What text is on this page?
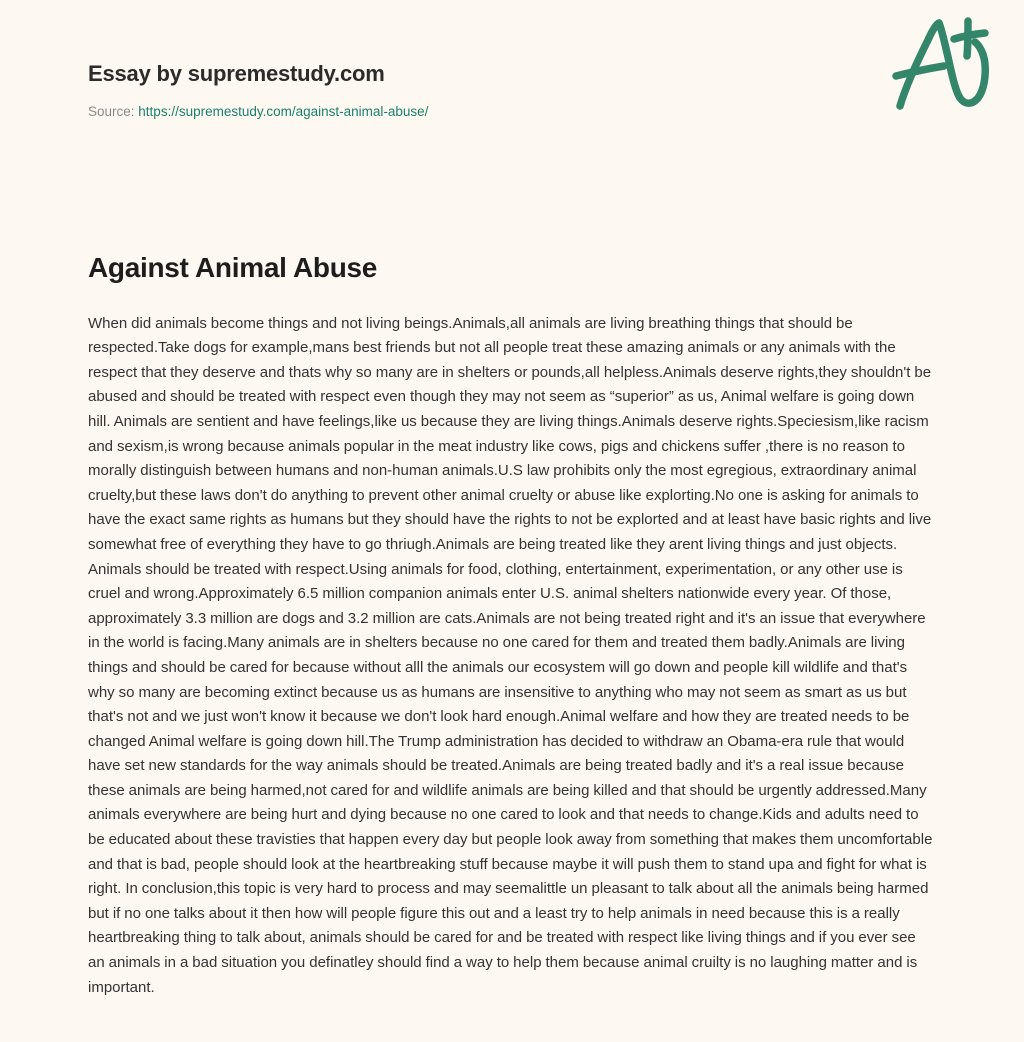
Essay by supremestudy.com
Source: https://supremestudy.com/against-animal-abuse/
Against Animal Abuse
When did animals become things and not living beings.Animals,all animals are living breathing things that should be respected.Take dogs for example,mans best friends but not all people treat these amazing animals or any animals with the respect that they deserve and thats why so many are in shelters or pounds,all helpless.Animals deserve rights,they shouldn't be abused and should be treated with respect even though they may not seem as “superior” as us, Animal welfare is going down hill. Animals are sentient and have feelings,like us because they are living things.Animals deserve rights.Speciesism,like racism and sexism,is wrong because animals popular in the meat industry like cows, pigs and chickens suffer ,there is no reason to morally distinguish between humans and non-human animals.U.S law prohibits only the most egregious, extraordinary animal cruelty,but these laws don't do anything to prevent other animal cruelty or abuse like explorting.No one is asking for animals to have the exact same rights as humans but they should have the rights to not be explorted and at least have basic rights and live somewhat free of everything they have to go thriugh.Animals are being treated like they arent living things and just objects. Animals should be treated with respect.Using animals for food, clothing, entertainment, experimentation, or any other use is cruel and wrong.Approximately 6.5 million companion animals enter U.S. animal shelters nationwide every year. Of those, approximately 3.3 million are dogs and 3.2 million are cats.Animals are not being treated right and it's an issue that everywhere in the world is facing.Many animals are in shelters because no one cared for them and treated them badly.Animals are living things and should be cared for because without alll the animals our ecosystem will go down and people kill wildlife and that's why so many are becoming extinct because us as humans are insensitive to anything who may not seem as smart as us but that's not and we just won't know it because we don't look hard enough.Animal welfare and how they are treated needs to be changed Animal welfare is going down hill.The Trump administration has decided to withdraw an Obama-era rule that would have set new standards for the way animals should be treated.Animals are being treated badly and it's a real issue because these animals are being harmed,not cared for and wildlife animals are being killed and that should be urgently addressed.Many animals everywhere are being hurt and dying because no one cared to look and that needs to change.Kids and adults need to be educated about these travisties that happen every day but people look away from something that makes them uncomfortable and that is bad, people should look at the heartbreaking stuff because maybe it will push them to stand upa and fight for what is right. In conclusion,this topic is very hard to process and may seemalittle un pleasant to talk about all the animals being harmed but if no one talks about it then how will people figure this out and a least try to help animals in need because this is a really heartbreaking thing to talk about, animals should be cared for and be treated with respect like living things and if you ever see an animals in a bad situation you definatley should find a way to help them because animal cruilty is no laughing matter and is important.
